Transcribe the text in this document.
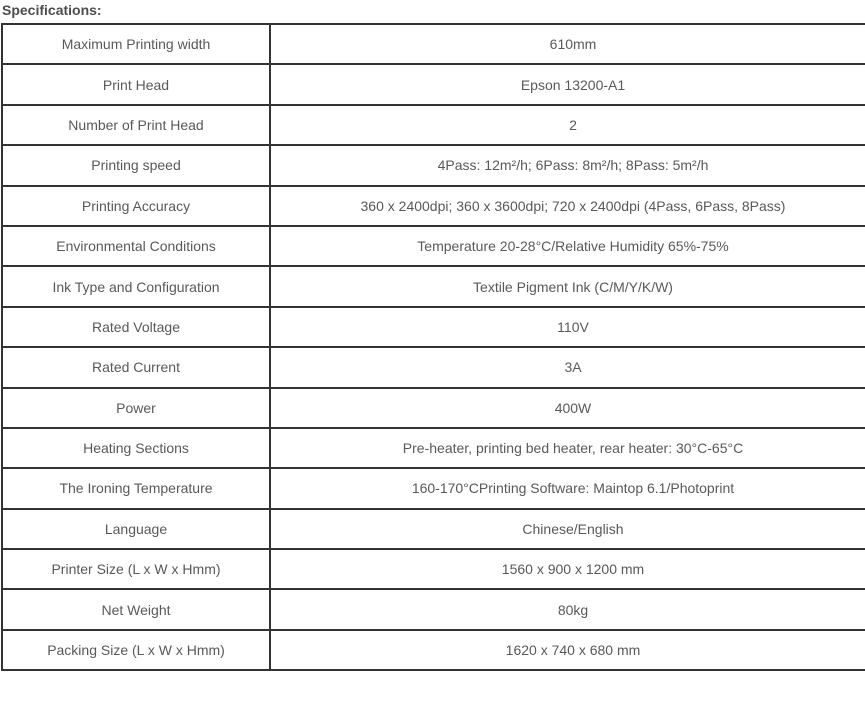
Specifications:
Maximum Printing width	610mm
Print Head	Epson 13200-A1
Number of Print Head	2
Printing speed	4Pass: 12m²/h; 6Pass: 8m²/h; 8Pass: 5m²/h
Printing Accuracy	360 x 2400dpi; 360 x 3600dpi; 720 x 2400dpi (4Pass, 6Pass, 8Pass)
Environmental Conditions	Temperature 20-28°C/Relative Humidity 65%-75%
Ink Type and Configuration	Textile Pigment Ink (C/M/Y/K/W)
Rated Voltage	110V
Rated Current	3A
Power	400W
Heating Sections	Pre-heater, printing bed heater, rear heater: 30°C-65°C
The Ironing Temperature	160-170°CPrinting Software: Maintop 6.1/Photoprint
Language	Chinese/English
Printer Size (L x W x Hmm)	1560 x 900 x 1200 mm
Net Weight	80kg
Packing Size (L x W x Hmm)	1620 x 740 x 680 mm
